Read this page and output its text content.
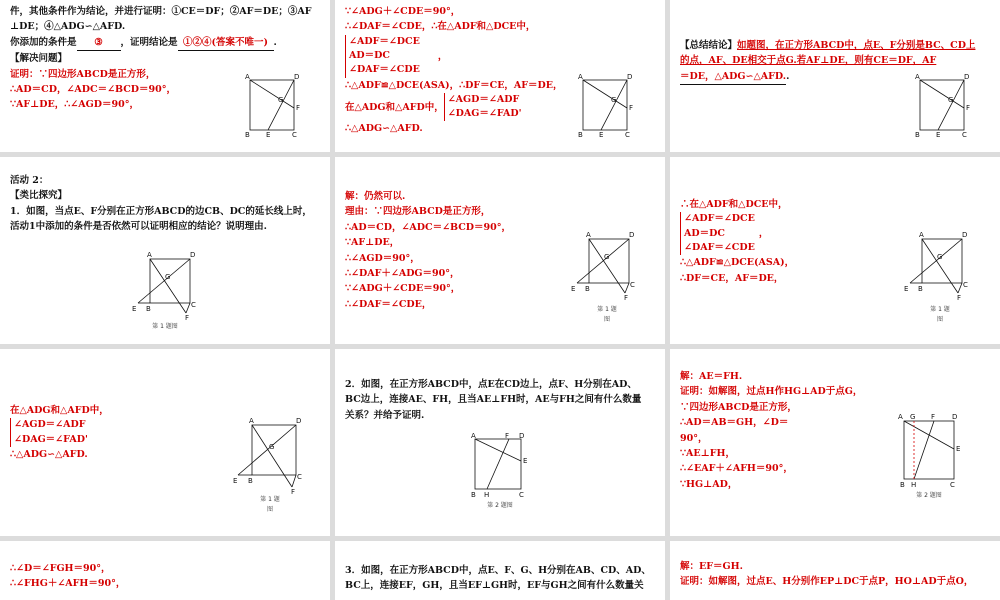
件，其他条件作为结论，并进行证明：①CE＝DF；②AF＝DE；③AF
⊥DE；④△ADG∽△AFD.
你添加的条件是 ③ ，证明结论是 ①②④(答案不唯一) .
【解决问题】
证明：∵四边形ABCD是正方形，
∴AD＝CD，∠ADC＝∠BCD＝90°，
∵AF⊥DE，∴∠AGD＝90°，
A	D
B E	C
F
G
∵∠ADG＋∠CDE＝90°，
∴∠DAF＝∠CDE，∴在△ADF和△DCE中，
∠ADF＝∠DCE
AD＝DC
∠DAF＝∠CDE，
∴△ADF≌△DCE(ASA)，∴DF＝CE，AF＝DE，
在△ADG和△AFD中，∠AGD＝∠ADF
∠DAG＝∠FAD'
∴△ADG∽△AFD.
A	D
B E	C
F
G
【总结结论】如题图，在正方形ABCD中，点E、F分别是BC、CD上
的点，AF、DE相交于点G.若AF⊥DE，则有CE＝DF，AF
＝DE，△ADG∽△AFD..	A	D
B E	C
F
G
活动 2：
【类比探究】
1．如图，当点E、F分别在正方形ABCD的边CB、DC的延长线上时，
活动1中添加的条件是否依然可以证明相应的结论？说明理由.
A	D
E B	C
F
G
第 1 题图
解：仍然可以.
理由：∵四边形ABCD是正方形，
∴AD＝CD，∠ADC＝∠BCD＝90°，
∵AF⊥DE，
∴∠AGD＝90°，
∴∠DAF＋∠ADG＝90°，
∵∠ADG＋∠CDE＝90°，
∴∠DAF＝∠CDE，
A	D
E B	C
F
G
第 1 题
图
∴在△ADF和△DCE中，
∠ADF＝∠DCE
AD＝DC
∠DAF＝∠CDE，
∴△ADF≌△DCE(ASA)，
∴DF＝CE，AF＝DE，
A	D
E B	C
F
G
第 1 题
图
在△ADG和△AFD中，
∠AGD＝∠ADF
∠DAG＝∠FAD'
∴△ADG∽△AFD.
A	D
E B	C
F
G
第 1 题
图
2．如图，在正方形ABCD中，点E在CD边上，点F、H分别在AD、
BC边上，连接AE、FH，且当AE⊥FH时，AE与FH之间有什么数量
关系？并给予证明.
A	F D
E
B H	C
第 2 题图
解：AE＝FH.
证明：如解图，过点H作HG⊥AD于点G，
∵四边形ABCD是正方形，
∴AD＝AB＝GH，∠D＝
90°，
∵AE⊥FH，
∴∠EAF＋∠AFH＝90°，
∵HG⊥AD，
A G F D
E
B H	C
第 2 题图
∴∠D＝∠FGH＝90°，
∴∠FHG＋∠AFH＝90°，
3．如图，在正方形ABCD中，点E、F、G、H分别在AB、CD、AD、
BC上，连接EF，GH，且当EF⊥GH时，EF与GH之间有什么数量关
解：EF＝GH.
证明：如解图，过点E、H分别作EP⊥DC于点P，HO⊥AD于点O，
